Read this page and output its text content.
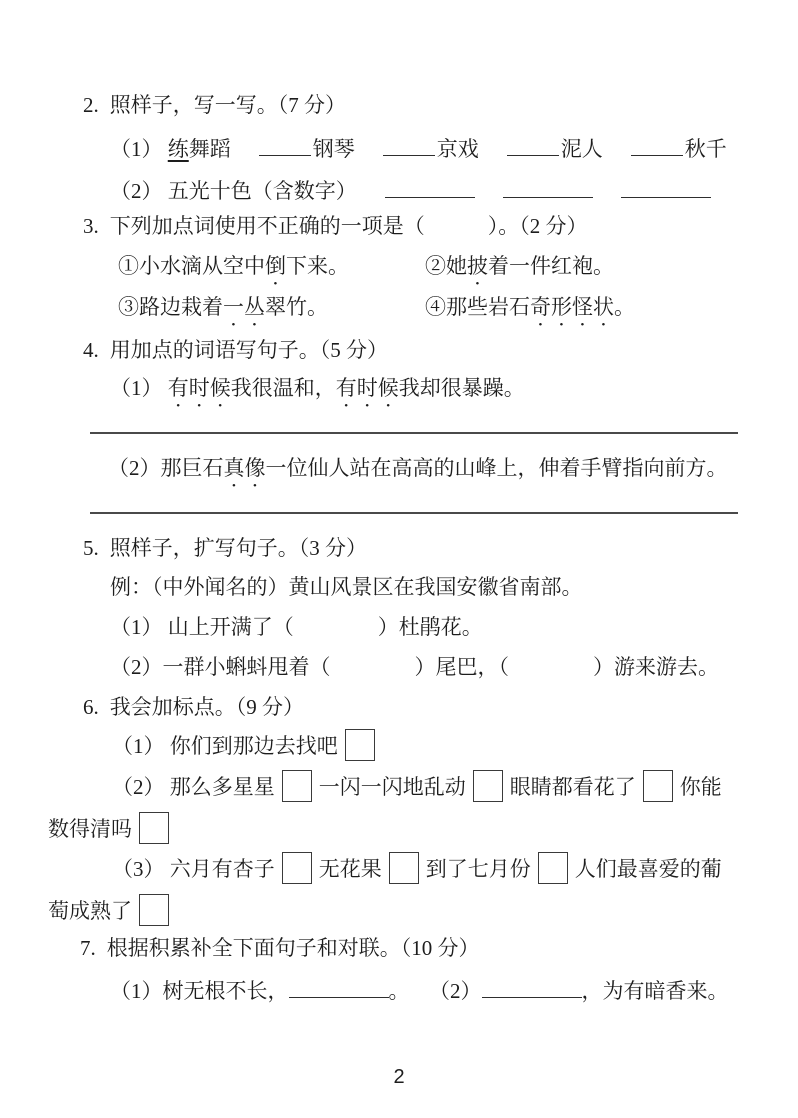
2. 照样子，写一写。（7 分）
（1） 练舞蹈	钢琴	京戏	泥人	秋千
（2） 五光十色（含数字）
3. 下列加点词使用不正确的一项是（　　　）。（2 分）
①小水滴从空中倒下来。	②她披着一件红袍。
③路边栽着一丛翠竹。	④那些岩石奇形怪状。
4. 用加点的词语写句子。（5 分）
（1） 有时候我很温和，有时候我却很暴躁。
（2）那巨石真像一位仙人站在高高的山峰上，伸着手臂指向前方。
5. 照样子，扩写句子。（3 分）
例：（中外闻名的）黄山风景区在我国安徽省南部。
（1） 山上开满了（　　　　）杜鹃花。
（2）一群小蝌蚪甩着（　　　　）尾巴，（　　　　）游来游去。
6. 我会加标点。（9 分）
（1） 你们到那边去找吧
（2） 那么多星星 一闪一闪地乱动 眼睛都看花了 你能
数得清吗
（3） 六月有杏子 无花果 到了七月份 人们最喜爱的葡
萄成熟了
7. 根据积累补全下面句子和对联。（10 分）
（1）树无根不长，	。 （2）	，为有暗香来。
2
